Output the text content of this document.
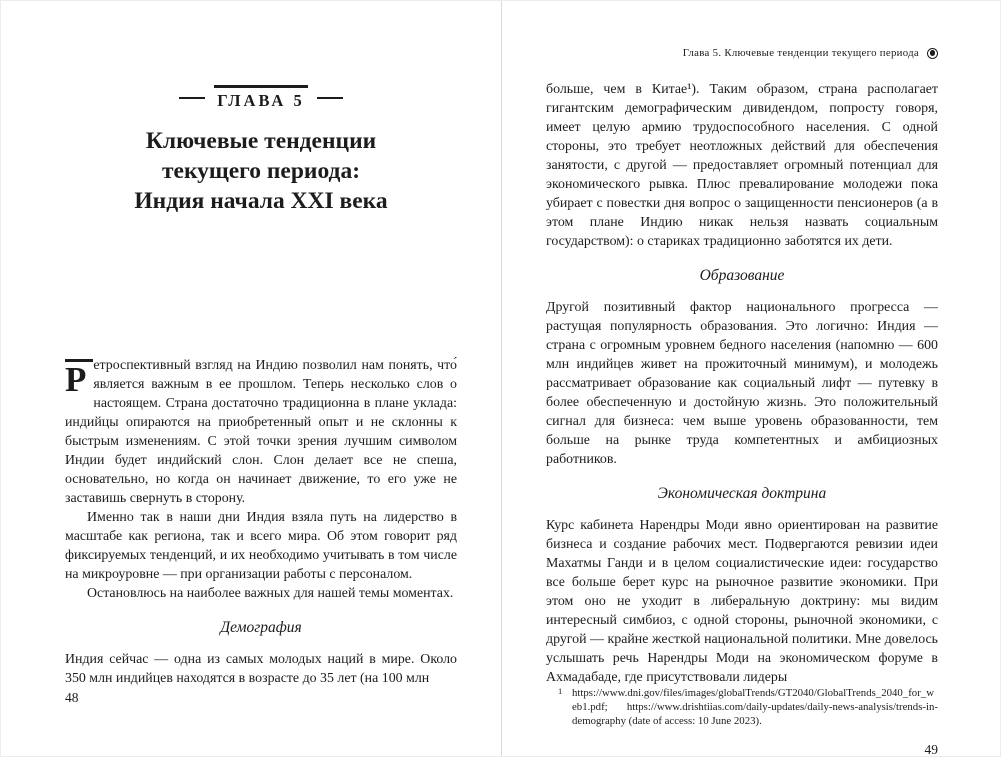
ГЛАВА 5
Ключевые тенденции
текущего периода:
Индия начала XXI века
Р етроспективный взгляд на Индию позволил нам понять, что́ является важным в ее прошлом. Теперь несколько слов о настоящем. Страна достаточно традиционна в плане уклада: индийцы опираются на приобретенный опыт и не склонны к быстрым изменениям. С этой точки зрения лучшим символом Индии будет индийский слон. Слон делает все не спеша, основательно, но когда он начинает движение, то его уже не заставишь свернуть в сторону.

Именно так в наши дни Индия взяла путь на лидерство в масштабе как региона, так и всего мира. Об этом говорит ряд фиксируемых тенденций, и их необходимо учитывать в том числе на микроуровне — при организации работы с персоналом.

Остановлюсь на наиболее важных для нашей темы моментах.

Демография

Индия сейчас — одна из самых молодых наций в мире. Около 350 млн индийцев находятся в возрасте до 35 лет (на 100 млн

48
Глава 5. Ключевые тенденции текущего периода

больше, чем в Китае¹). Таким образом, страна располагает гигантским демографическим дивидендом, попросту говоря, имеет целую армию трудоспособного населения. С одной стороны, это требует неотложных действий для обеспечения занятости, с другой — предоставляет огромный потенциал для экономического рывка. Плюс превалирование молодежи пока убирает с повестки дня вопрос о защищенности пенсионеров (а в этом плане Индию никак нельзя назвать социальным государством): о стариках традиционно заботятся их дети.

Образование

Другой позитивный фактор национального прогресса — растущая популярность образования. Это логично: Индия — страна с огромным уровнем бедного населения (напомню — 600 млн индийцев живет на прожиточный минимум), и молодежь рассматривает образование как социальный лифт — путевку в более обеспеченную и достойную жизнь. Это положительный сигнал для бизнеса: чем выше уровень образованности, тем больше на рынке труда компетентных и амбициозных работников.

Экономическая доктрина

Курс кабинета Нарендры Моди явно ориентирован на развитие бизнеса и создание рабочих мест. Подвергаются ревизии идеи Махатмы Ганди и в целом социалистические идеи: государство все больше берет курс на рыночное развитие экономики. При этом оно не уходит в либеральную доктрину: мы видим интересный симбиоз, с одной стороны, рыночной экономики, с другой — крайне жесткой национальной политики. Мне довелось услышать речь Нарендры Моди на экономическом форуме в Ахмадабаде, где присутствовали лидеры

1 https://www.dni.gov/files/images/globalTrends/GT2040/GlobalTrends_2040_for_web1.pdf; https://www.drishtiias.com/daily-updates/daily-news-analysis/trends-in-demography (date of access: 10 June 2023).
49
